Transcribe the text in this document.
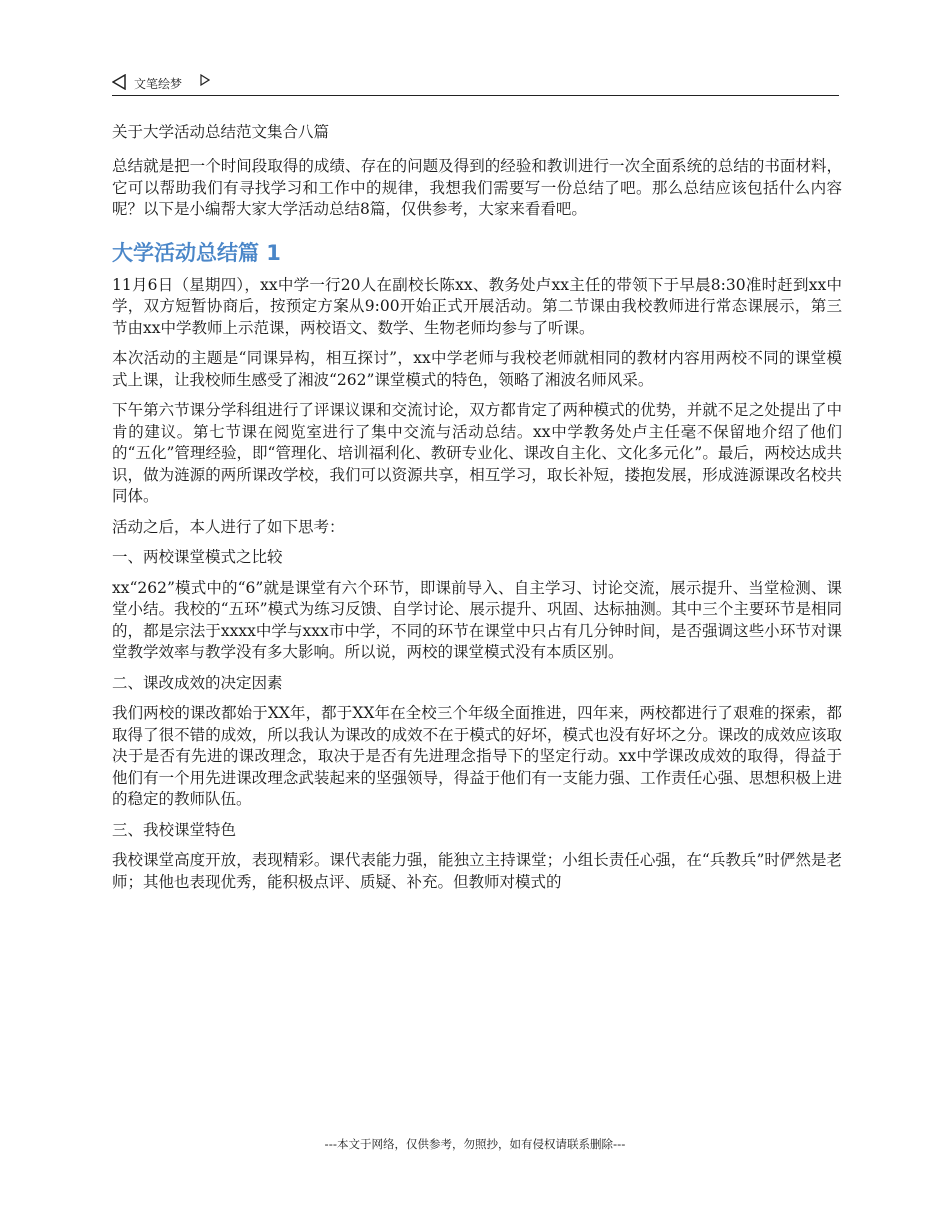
文笔绘梦
关于大学活动总结范文集合八篇

总结就是把一个时间段取得的成绩、存在的问题及得到的经验和教训进行一次全面系统的总结的书面材料，它可以帮助我们有寻找学习和工作中的规律，我想我们需要写一份总结了吧。那么总结应该包括什么内容呢？以下是小编帮大家大学活动总结8篇，仅供参考，大家来看看吧。

大学活动总结篇 1

11月6日（星期四），xx中学一行20人在副校长陈xx、教务处卢xx主任的带领下于早晨8:30准时赶到xx中学，双方短暂协商后，按预定方案从9:00开始正式开展活动。第二节课由我校教师进行常态课展示，第三节由xx中学教师上示范课，两校语文、数学、生物老师均参与了听课。

本次活动的主题是“同课异构，相互探讨”，xx中学老师与我校老师就相同的教材内容用两校不同的课堂模式上课，让我校师生感受了湘波“262”课堂模式的特色，领略了湘波名师风采。

下午第六节课分学科组进行了评课议课和交流讨论，双方都肯定了两种模式的优势，并就不足之处提出了中肯的建议。第七节课在阅览室进行了集中交流与活动总结。xx中学教务处卢主任毫不保留地介绍了他们的“五化”管理经验，即“管理化、培训福利化、教研专业化、课改自主化、文化多元化”。最后，两校达成共识，做为涟源的两所课改学校，我们可以资源共享，相互学习，取长补短，搂抱发展，形成涟源课改名校共同体。

活动之后，本人进行了如下思考：

一、两校课堂模式之比较

xx“262”模式中的“6”就是课堂有六个环节，即课前导入、自主学习、讨论交流，展示提升、当堂检测、课堂小结。我校的“五环”模式为练习反馈、自学讨论、展示提升、巩固、达标抽测。其中三个主要环节是相同的，都是宗法于xxxx中学与xxx市中学，不同的环节在课堂中只占有几分钟时间，是否强调这些小环节对课堂教学效率与教学没有多大影响。所以说，两校的课堂模式没有本质区别。

二、课改成效的决定因素

我们两校的课改都始于XX年，都于XX年在全校三个年级全面推进，四年来，两校都进行了艰难的探索，都取得了很不错的成效，所以我认为课改的成效不在于模式的好坏，模式也没有好坏之分。课改的成效应该取决于是否有先进的课改理念，取决于是否有先进理念指导下的坚定行动。xx中学课改成效的取得，得益于他们有一个用先进课改理念武装起来的坚强领导，得益于他们有一支能力强、工作责任心强、思想积极上进的稳定的教师队伍。

三、我校课堂特色

我校课堂高度开放，表现精彩。课代表能力强，能独立主持课堂；小组长责任心强，在“兵教兵”时俨然是老师；其他也表现优秀，能积极点评、质疑、补充。但教师对模式的

---本文于网络，仅供参考，勿照抄，如有侵权请联系删除---
